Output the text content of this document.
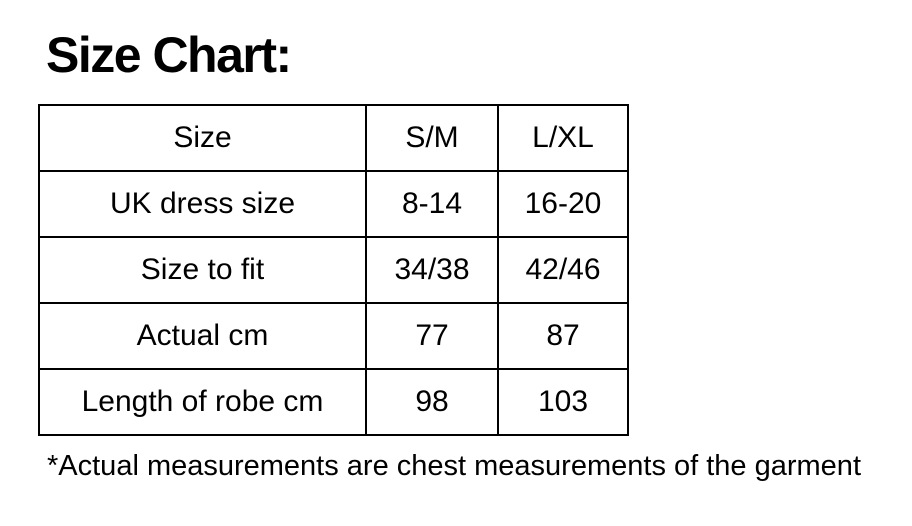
Size Chart:
Size	S/M	L/XL
UK dress size	8-14	16-20
Size to fit	34/38	42/46
Actual cm	77	87
Length of robe cm	98	103

*Actual measurements are chest measurements of the garment
